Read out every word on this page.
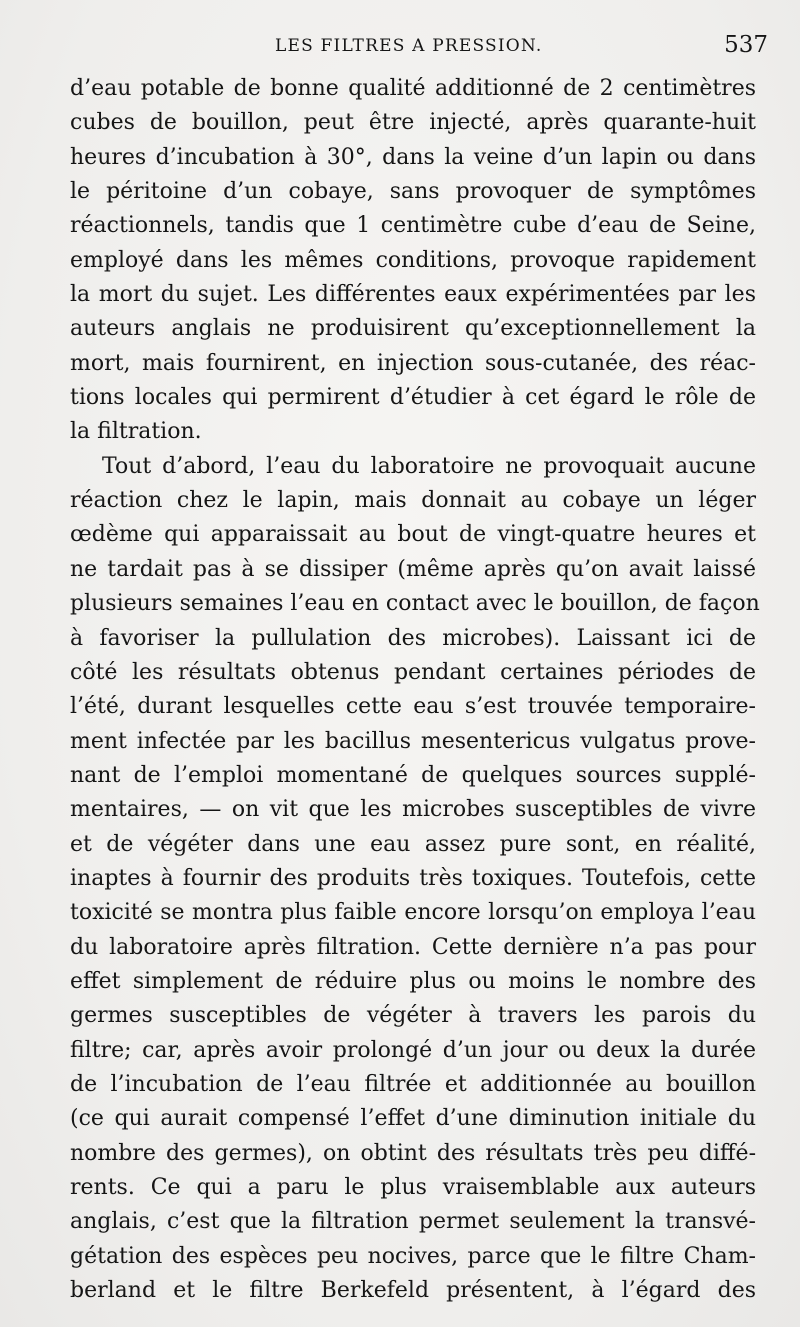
LES FILTRES A PRESSION.	537
d’eau potable de bonne qualité additionné de 2 centimètres
cubes de bouillon, peut être injecté, après quarante-huit
heures d’incubation à 30°, dans la veine d’un lapin ou dans
le péritoine d’un cobaye, sans provoquer de symptômes
réactionnels, tandis que 1 centimètre cube d’eau de Seine,
employé dans les mêmes conditions, provoque rapidement
la mort du sujet. Les différentes eaux expérimentées par les
auteurs anglais ne produisirent qu’exceptionnellement la
mort, mais fournirent, en injection sous-cutanée, des réac-
tions locales qui permirent d’étudier à cet égard le rôle de
la filtration.
Tout d’abord, l’eau du laboratoire ne provoquait aucune
réaction chez le lapin, mais donnait au cobaye un léger
œdème qui apparaissait au bout de vingt-quatre heures et
ne tardait pas à se dissiper (même après qu’on avait laissé
plusieurs semaines l’eau en contact avec le bouillon, de façon
à favoriser la pullulation des microbes). Laissant ici de
côté les résultats obtenus pendant certaines périodes de
l’été, durant lesquelles cette eau s’est trouvée temporaire-
ment infectée par les bacillus mesentericus vulgatus prove-
nant de l’emploi momentané de quelques sources supplé-
mentaires, — on vit que les microbes susceptibles de vivre
et de végéter dans une eau assez pure sont, en réalité,
inaptes à fournir des produits très toxiques. Toutefois, cette
toxicité se montra plus faible encore lorsqu’on employa l’eau
du laboratoire après filtration. Cette dernière n’a pas pour
effet simplement de réduire plus ou moins le nombre des
germes susceptibles de végéter à travers les parois du
filtre; car, après avoir prolongé d’un jour ou deux la durée
de l’incubation de l’eau filtrée et additionnée au bouillon
(ce qui aurait compensé l’effet d’une diminution initiale du
nombre des germes), on obtint des résultats très peu diffé-
rents. Ce qui a paru le plus vraisemblable aux auteurs
anglais, c’est que la filtration permet seulement la transvé-
gétation des espèces peu nocives, parce que le filtre Cham-
berland et le filtre Berkefeld présentent, à l’égard des
